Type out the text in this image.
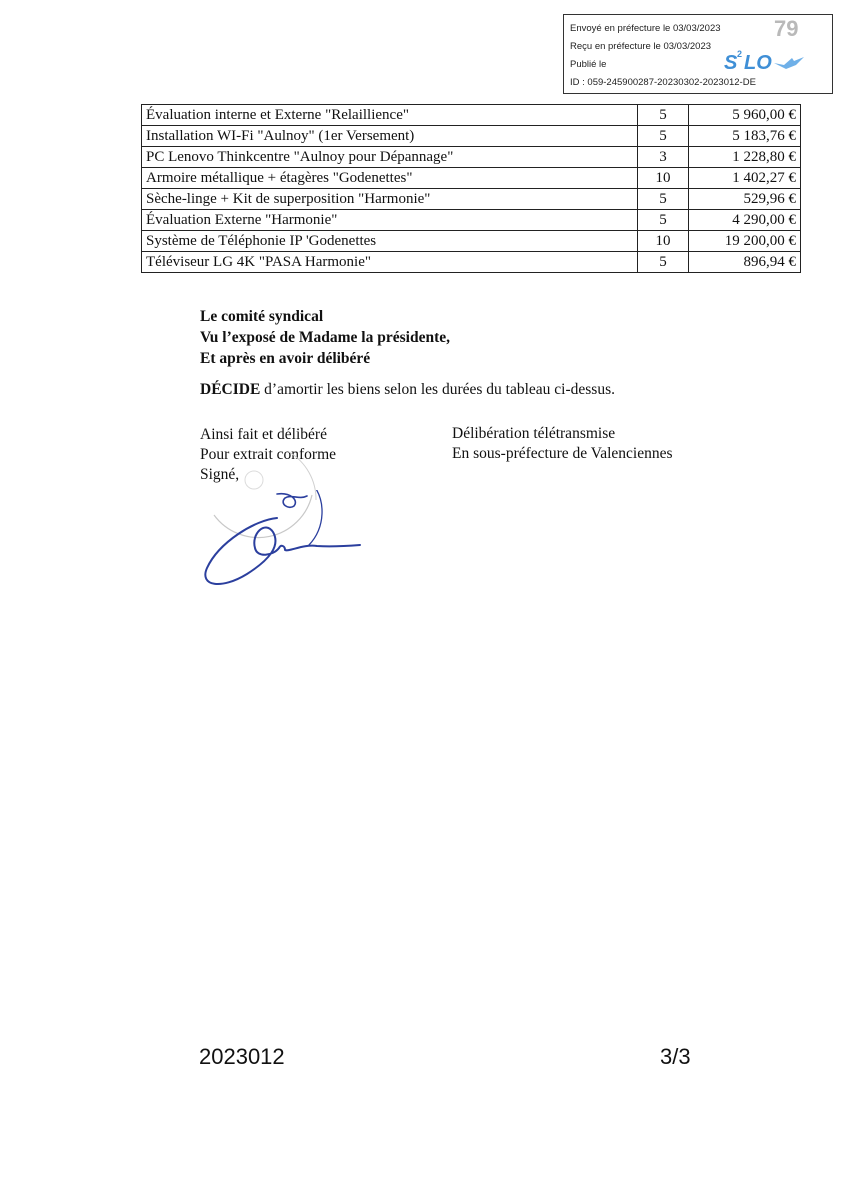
Envoyé en préfecture le 03/03/2023
Reçu en préfecture le 03/03/2023
Publié le
ID : 059-245900287-20230302-2023012-DE
79
S 2 LO
Évaluation interne et Externe "Relaillience"	5	5 960,00 €
Installation WI-Fi "Aulnoy" (1er Versement)	5	5 183,76 €
PC Lenovo Thinkcentre "Aulnoy pour Dépannage"	3	1 228,80 €
Armoire métallique + étagères "Godenettes"	10	1 402,27 €
Sèche-linge + Kit de superposition "Harmonie"	5	529,96 €
Évaluation Externe "Harmonie"	5	4 290,00 €
Système de Téléphonie IP 'Godenettes	10	19 200,00 €
Téléviseur LG 4K "PASA Harmonie"	5	896,94 €
Le comité syndical
Vu l’exposé de Madame la présidente,
Et après en avoir délibéré
DÉCIDE d’amortir les biens selon les durées du tableau ci-dessus.
Ainsi fait et délibéré
Pour extrait conforme
Signé,
Délibération télétransmise
En sous-préfecture de Valenciennes
2023012	3/3
